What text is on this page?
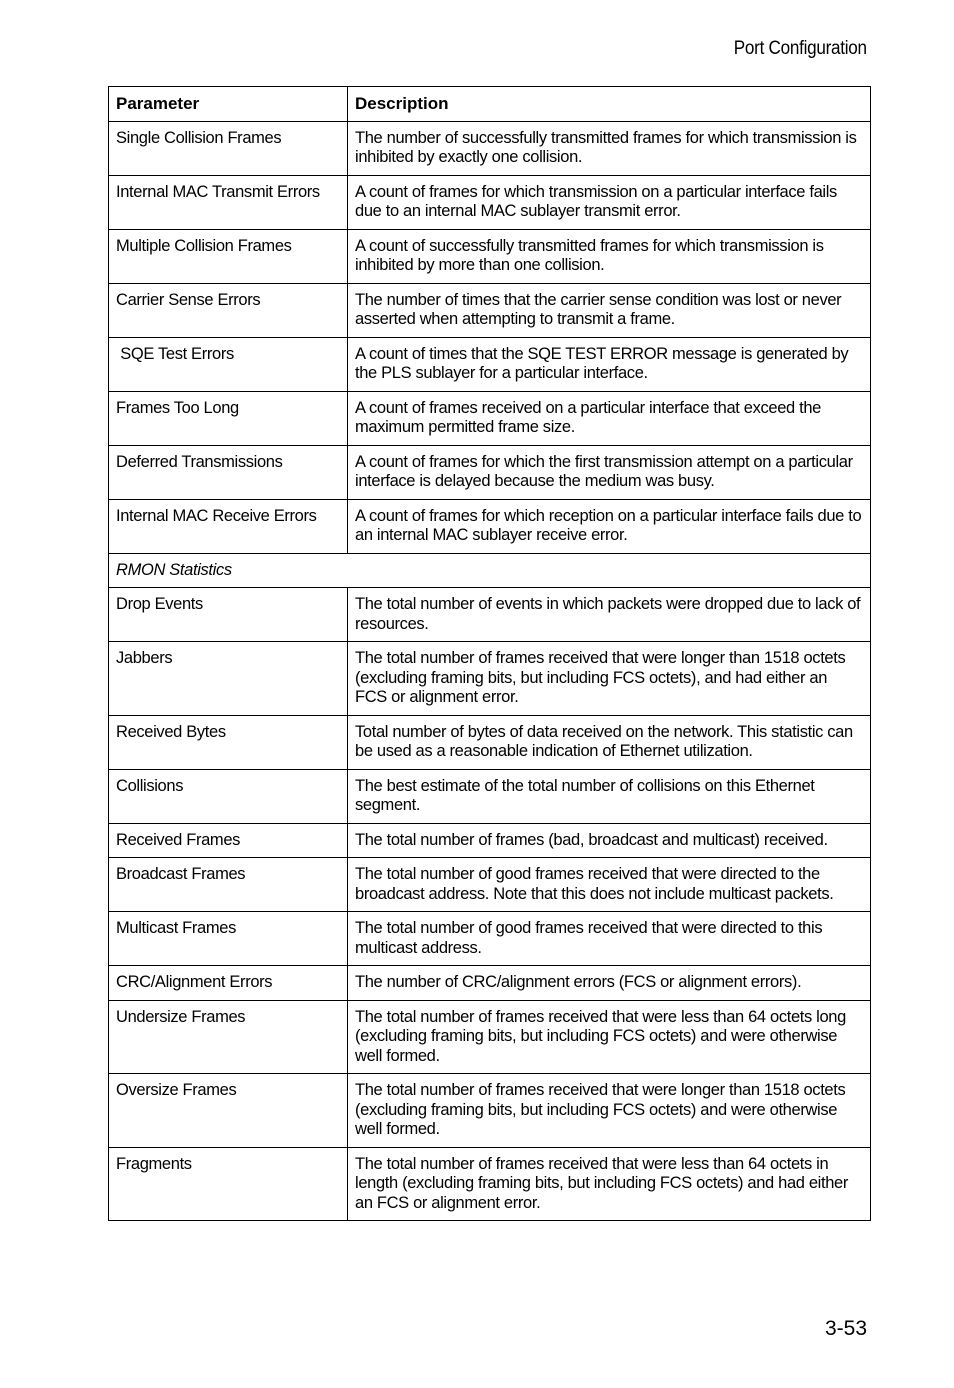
Port Configuration
Parameter	Description
Single Collision Frames	The number of successfully transmitted frames for which transmission is inhibited by exactly one collision.
Internal MAC Transmit Errors	A count of frames for which transmission on a particular interface fails due to an internal MAC sublayer transmit error.
Multiple Collision Frames	A count of successfully transmitted frames for which transmission is inhibited by more than one collision.
Carrier Sense Errors	The number of times that the carrier sense condition was lost or never asserted when attempting to transmit a frame.
SQE Test Errors	A count of times that the SQE TEST ERROR message is generated by the PLS sublayer for a particular interface.
Frames Too Long	A count of frames received on a particular interface that exceed the maximum permitted frame size.
Deferred Transmissions	A count of frames for which the first transmission attempt on a particular interface is delayed because the medium was busy.
Internal MAC Receive Errors	A count of frames for which reception on a particular interface fails due to an internal MAC sublayer receive error.
RMON Statistics	
Drop Events	The total number of events in which packets were dropped due to lack of resources.
Jabbers	The total number of frames received that were longer than 1518 octets (excluding framing bits, but including FCS octets), and had either an FCS or alignment error.
Received Bytes	Total number of bytes of data received on the network. This statistic can be used as a reasonable indication of Ethernet utilization.
Collisions	The best estimate of the total number of collisions on this Ethernet segment.
Received Frames	The total number of frames (bad, broadcast and multicast) received.
Broadcast Frames	The total number of good frames received that were directed to the broadcast address. Note that this does not include multicast packets.
Multicast Frames	The total number of good frames received that were directed to this multicast address.
CRC/Alignment Errors	The number of CRC/alignment errors (FCS or alignment errors).
Undersize Frames	The total number of frames received that were less than 64 octets long (excluding framing bits, but including FCS octets) and were otherwise well formed.
Oversize Frames	The total number of frames received that were longer than 1518 octets (excluding framing bits, but including FCS octets) and were otherwise well formed.
Fragments	The total number of frames received that were less than 64 octets in length (excluding framing bits, but including FCS octets) and had either an FCS or alignment error.
3-53
